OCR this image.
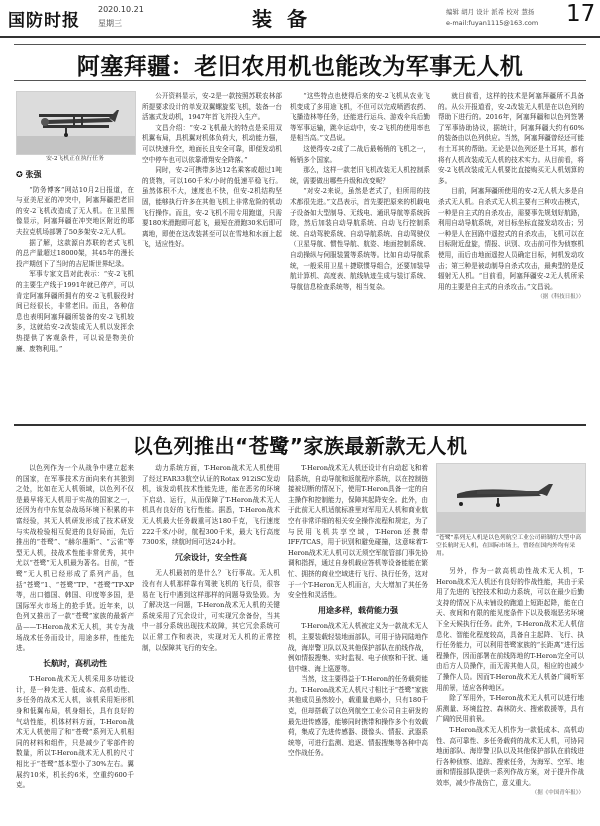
国防时报
2020.10.21
星期三	装 备	编辑 胡月 设计 派希 校对 慧扬
e-mail:fuyan1115@163.com	17
阿塞拜疆：老旧农用机也能改为军事无人机
安-2飞机正在执行任务
✪ 张强

“防务博客”网站10月2日报道，在与亚美尼亚的冲突中，阿塞拜疆把老旧的安-2飞机改造成了无人机。在卫星图像显示，阿塞拜疆在冲突地区附近的耶夫拉克机场部署了50多架安-2无人机。

据了解，这款源自苏联的老式飞机的总产量超过18000架，其45年的漫长投产期创下了当时的吉尼斯世界纪录。

军事专家文昌对此表示：“安-2飞机的主要生产线于1991年就已停产，可以肯定阿塞拜疆所拥有的安-2飞机服役时间已经很长，非常老旧。而且，各种信息也表明阿塞拜疆所装备的安-2飞机较多，这就给安-2改装成无人机以发挥余热提供了客观条件，可以说是物美价廉、废物利用。”

公开资料显示，安-2是一款按照苏联农林部所提要求设计的单发双翼螺旋桨飞机，装备一台活塞式发动机，1947年首飞并投入生产。

文昌介绍：“安-2飞机最大的特点是采用双机翼布局，具机翼对机体负荷大，机动能力强，可以快速升空，地面长且安全可靠，即便发动机空中停车也可以依靠滑翔安全降落。”

同时，安-2可携带多达12名乘客或超过1吨的货物，可以160千米/小时的低速平稳飞行。虽然体积不大，速度也不快，但安-2机结构坚固，能够执行许多在其他飞机上非常危险的机动飞行操作。而且，安-2飞机不用专用跑道，只需要180米滑跑即可起飞，最短在滑跑30米后即可离地，即使在这改装甚至可以在雪地和水面上起飞，适应性好。

“这些特点也使得后来的安-2飞机从农业飞机变成了多用途飞机，不但可以完成喷洒农药、飞播造林等任务，还能进行运兵、游戏伞兵后勤等军事运输，跳伞运动中，安-2飞机的使用率也是相当高。”文昌说。

这使得安-2成了二战后最畅销的飞机之一，畅销多个国家。

那么，这样一款老旧飞机改装无人机控制系统，需要做出哪些升级和改变呢？

“对安-2来说，虽然是老式了，但所用的技术都很先进。”文昌表示，首先要把原来的机载电子设备如大型制导、无线电、通讯导航等系统拆除，然后加装自动导航系统、自动飞行控制系统、自动驾驶系统、自动导航系统、自动驾驶仪（卫星导航、惯性导航、航姿、地面控制系统、自动操纵与伺服装置等系统等。比如自动导航系统，一般采用卫星＋捷联惯导组合，还要加装导航计算机、高度表、航线轨迹生成与装订系统、导航信息检查系统等，相当复杂。

就目前看，这样的技术是阿塞拜疆所不具备的。从公开报道看，安-2改装无人机是在以色列的帮助下进行的。2016年，阿塞拜疆和以色列签署了军事协助协议，据统计，阿塞拜疆大约有60%的装备由以色列供应。当然，阿塞拜疆曾经还可能有土耳其的帮助。无论是以色列还是土耳其，都有将有人机改装成无人机的技术实力。从目前看，将安-2飞机改装成无人机要比直接购买无人机划算的多。

目前，阿塞拜疆所使用的安-2无人机大多是自杀式无人机。自杀式无人机主要有三种攻击模式，一种是自主式的自杀攻击，需要事先规划好航路，利用自动导航系统，对目标坐标直接发动攻击；另一种是人在回路中遥控式的自杀攻击，飞机可以在目标附近盘旋，情报、识别、攻击前可作为侦察机使用，而后由地面遥控人员确定目标，何机发动攻击；第三种是被动制导自杀式攻击，最典型的是反辐射无人机。“目前看，阿塞拜疆安-2无人机所采用的主要是自主式的自杀攻击。”文昌说。

（据《科技日报》）

以色列推出“苍鹭”家族最新款无人机

以色列作为一个从战争中建立起来的国家，在军事技术方面向来有其独到之处，比如在无人机领域，以色列不仅是最早将无人机用于实战的国家之一，还因为有中东复杂战场环境下积累的丰富经验，其无人机研发形成了技术研发与实战检验相互促进的良好局面，先后推出的“苍鹭”、“赫尔墨斯”、“云雀”等型无人机，技战术性能非常优秀，其中尤以“苍鹭”无人机最为著名。目前，“苍鹭”无人机已经形成了系列产品，包括“苍鹭”1、“苍鹭”TP、“苍鹭”TP-XP等，出口德国、韩国、印度等多国，是国际军火市场上的抢手货。近年来，以色列又推出了一款“苍鹭”家族的最新产品——T-Heron战术无人机，其专为战场战术任务而设计，用途多样，性能先进。

长航时，高机动性

T-Heron战术无人机采用多功能设计，是一种先进、低成本、高机动性、多任务的战术无人机，该机采用矩形机身和低翼布局，机身细长，具有良好的气动性能，机体材料方面，T-Heron战术无人机使用了和“苍鹭”系列无人机相同的材料和组件，只是减少了零部件的数量，所以T-Heron战术无人机的尺寸相比于“苍鹭”基本型小了30%左右。翼展约10米，机长约6米，空重约600千克。

动力系统方面，T-Heron战术无人机使用了经过FAR33航空认证的Rotax 912iSC发动机，该发动机技术性能先进，能在恶劣的环境下启动、运行，从而保障了T-Heron战术无人机具有良好的飞行性能。据悉，T-Heron战术无人机最大任务载重可达180千克，飞行速度222千米/小时，航程300千米，最大飞行高度7300米，续航时间可达24小时。

冗余设计，安全性高

无人机最初的是什么？飞行事故。无人机没有有人机那样靠有驾驶飞机的飞行员，很容易在飞行中遇到这样那样的问题导致坠毁。为了解决这一问题，T-Heron战术无人机的关键系统采用了冗余设计，可实现冗余备份，当其中一部分系统出现技术故障，其它冗余系统可以正常工作和表决，实现对无人机的正常控制，以保障其飞行的安全。

T-Heron战术无人机还设计有自动起飞和着陆系统，自动导航和返航程序系统，以在控制链接被切断的情况下，使用T-Heron具备一定的自主操作和控制能力，保障其起降安全。此外，由于此前无人机适航标准里对军用无人机和商业航空有非常详细的相关安全操作流程和规定，为了与民用飞机共享空域，T-Heron还携带IFF/TCAS，用于识别和避免碰撞，这意味着T-Heron战术无人机可以无须空军航管部门事先协调和指挥，通过自身机载应答机等设备能能在繁忙、拥挤的商业空域进行飞行、执行任务，这对于一个T-Heron无人机而言，大大增加了其任务安全性和灵活性。

用途多样，载荷能力强

T-Heron战术无人机被定义为一款战术无人机，主要装载轻装地面部队，可用于协同陆地作战，海岸警卫队以及其他保护部队在前线作战，例如情报搜集、实时监视、电子侦察和干扰、通信中继、海上巡逻等。

当然，这主要得益于T-Heron的任务载荷能力。T-Heron战术无人机尺寸相比于“苍鹭”家族其他成员虽然较小，载重量也略小，只有180千克，但却搭载了以色列航空工业公司自主研发的最先进传感器，能够同时携带和操作多个有效载荷，集成了先进传感器、摄像头、情报、武器系统等，可进行监测、追逐、情报搜集等各种中高空作战任务。

“苍鹭”系列无人机是以色列航空工业公司研制的大型中高空长航时无人机，在国际市场上，曾经在国内外均有采用。

另外，作为一款高机动性战术无人机，T-Heron战术无人机还有良好的作战性能，其由于采用了先进的飞控技术和动力系统，可以在最少后勤支持的情况下从未铺设的跑道上短距起降，能在白天、夜间和有限的能见度条件下以及极端恶劣环境下全天候执行任务。此外，T-Heron战术无人机信息化、智能化程度较高，具备自主起降、飞行、执行任务能力，可以利用苍鹭家族的“长距离”进行远程操作，因而部署在前线阵地的T-Heron完全可以由后方人员操作，而无需其他人员，相应的也减少了操作人员。因而T-Heron战术无人机备广阔听军用前景，适应各种地区。

除了军用外，T-Heron战术无人机可以进行地质测量、环境监控、森林防火、搜索救援等，具有广阔的民用前景。

T-Heron战术无人机作为一款低成本、高机动性、高可靠性、多任务载荷的战术无人机，可协同地面部队、海岸警卫队以及其他保护部队在前线进行各种侦察、追踪、搜索任务，为海军、空军、地面和情报部队提供一系列作战方案，对于提升作战效率，减少作战伤亡，意义重大。

（据《中国青年报》）
